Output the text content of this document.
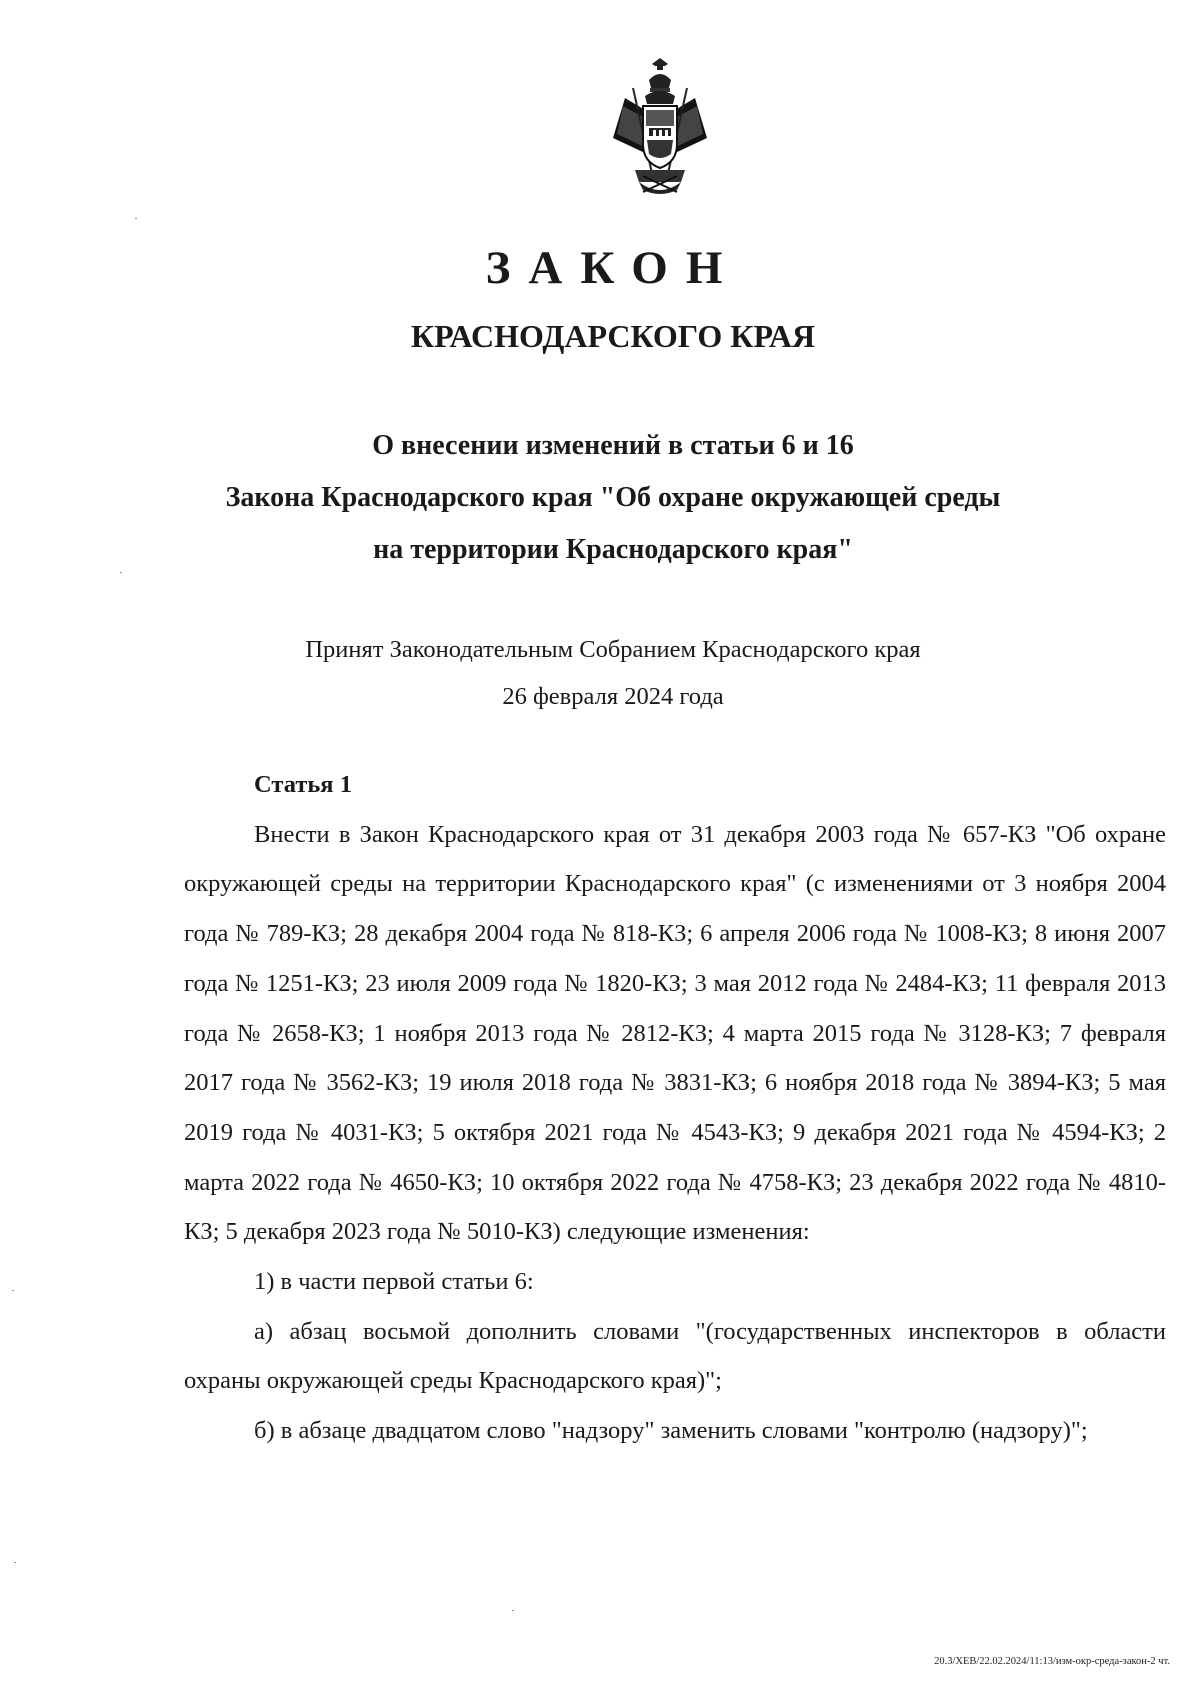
ЗАКОН
КРАСНОДАРСКОГО КРАЯ
О внесении изменений в статьи 6 и 16
Закона Краснодарского края "Об охране окружающей среды
на территории Краснодарского края"
Принят Законодательным Собранием Краснодарского края
26 февраля 2024 года
Статья 1

Внести в Закон Краснодарского края от 31 декабря 2003 года № 657-КЗ "Об охране окружающей среды на территории Краснодарского края" (с изменениями от 3 ноября 2004 года № 789-КЗ; 28 декабря 2004 года № 818-КЗ; 6 апреля 2006 года № 1008-КЗ; 8 июня 2007 года № 1251-КЗ; 23 июля 2009 года № 1820-КЗ; 3 мая 2012 года № 2484-КЗ; 11 февраля 2013 года № 2658-КЗ; 1 ноября 2013 года № 2812-КЗ; 4 марта 2015 года № 3128-КЗ; 7 февраля 2017 года № 3562-КЗ; 19 июля 2018 года № 3831-КЗ; 6 ноября 2018 года № 3894-КЗ; 5 мая 2019 года № 4031-КЗ; 5 октября 2021 года № 4543-КЗ; 9 декабря 2021 года № 4594-КЗ; 2 марта 2022 года № 4650-КЗ; 10 октября 2022 года № 4758-КЗ; 23 декабря 2022 года № 4810-КЗ; 5 декабря 2023 года № 5010-КЗ) следующие изменения:

1) в части первой статьи 6:

а) абзац восьмой дополнить словами "(государственных инспекторов в области охраны окружающей среды Краснодарского края)";

б) в абзаце двадцатом слово "надзору" заменить словами "контролю (надзору)";

20.3/ХЕВ/22.02.2024/11:13/изм-окр-среда-закон-2 чт.
